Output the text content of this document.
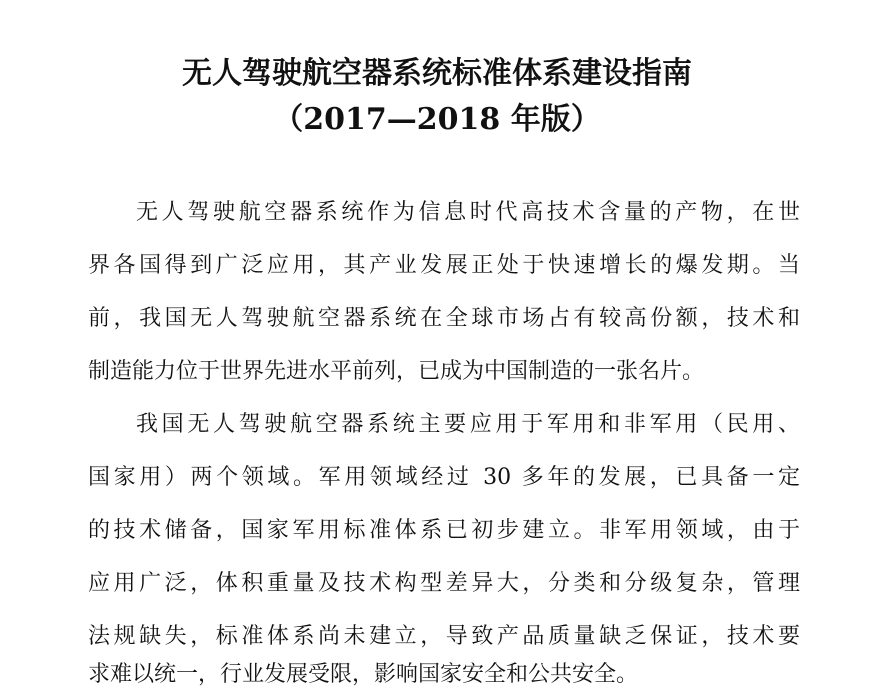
无人驾驶航空器系统标准体系建设指南
（2017—2018 年版）
无人驾驶航空器系统作为信息时代高技术含量的产物，在世
界各国得到广泛应用，其产业发展正处于快速增长的爆发期。当
前，我国无人驾驶航空器系统在全球市场占有较高份额，技术和
制造能力位于世界先进水平前列，已成为中国制造的一张名片。
我国无人驾驶航空器系统主要应用于军用和非军用（民用、
国家用）两个领域。军用领域经过 30 多年的发展，已具备一定
的技术储备，国家军用标准体系已初步建立。非军用领域，由于
应用广泛，体积重量及技术构型差异大，分类和分级复杂，管理
法规缺失，标准体系尚未建立，导致产品质量缺乏保证，技术要
求难以统一，行业发展受限，影响国家安全和公共安全。
